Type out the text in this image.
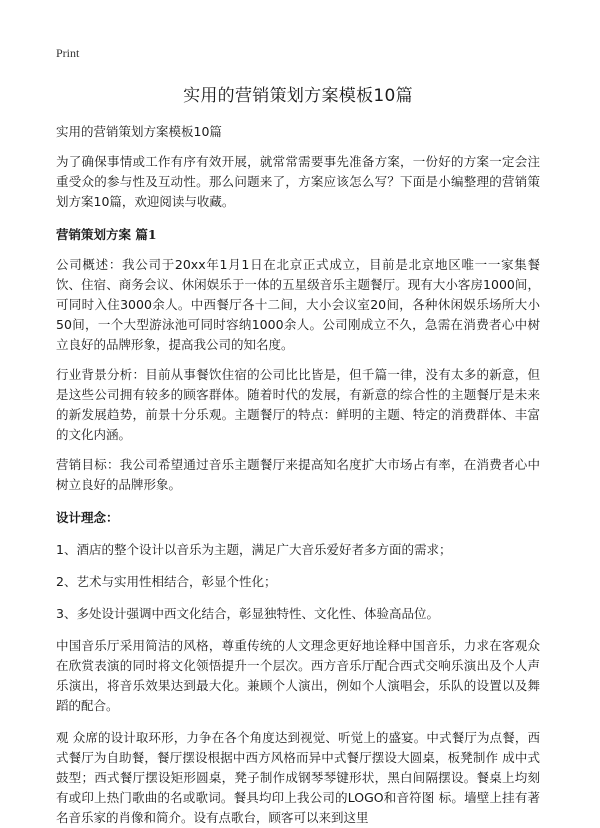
Print
实用的营销策划方案模板10篇
实用的营销策划方案模板10篇

为了确保事情或工作有序有效开展，就常常需要事先准备方案，一份好的方案一定会注重受众的参与性及互动性。那么问题来了，方案应该怎么写？下面是小编整理的营销策划方案10篇，欢迎阅读与收藏。

营销策划方案 篇1

公司概述：我公司于20xx年1月1日在北京正式成立，目前是北京地区唯一一家集餐饮、住宿、商务会议、休闲娱乐于一体的五星级音乐主题餐厅。现有大小客房1000间，可同时入住3000余人。中西餐厅各十二间，大小会议室20间，各种休闲娱乐场所大小50间，一个大型游泳池可同时容纳1000余人。公司刚成立不久，急需在消费者心中树立良好的品牌形象，提高我公司的知名度。

行业背景分析：目前从事餐饮住宿的公司比比皆是，但千篇一律，没有太多的新意，但是这些公司拥有较多的顾客群体。随着时代的发展，有新意的综合性的主题餐厅是未来的新发展趋势，前景十分乐观。主题餐厅的特点：鲜明的主题、特定的消费群体、丰富的文化内涵。

营销目标：我公司希望通过音乐主题餐厅来提高知名度扩大市场占有率，在消费者心中树立良好的品牌形象。

设计理念：

1、酒店的整个设计以音乐为主题，满足广大音乐爱好者多方面的需求；

2、艺术与实用性相结合，彰显个性化；

3、多处设计强调中西文化结合，彰显独特性、文化性、体验高品位。

中国音乐厅采用简洁的风格，尊重传统的人文理念更好地诠释中国音乐，力求在客观众在欣赏表演的同时将文化领悟提升一个层次。西方音乐厅配合西式交响乐演出及个人声乐演出，将音乐效果达到最大化。兼顾个人演出，例如个人演唱会，乐队的设置以及舞蹈的配合。

观 众席的设计取环形，力争在各个角度达到视觉、听觉上的盛宴。中式餐厅为点餐，西式餐厅为自助餐，餐厅摆设根据中西方风格而异中式餐厅摆设大圆桌，板凳制作 成中式鼓型；西式餐厅摆设矩形圆桌，凳子制作成钢琴琴键形状，黑白间隔摆设。餐桌上均刻有或印上热门歌曲的名或歌词。餐具均印上我公司的LOGO和音符图 标。墙壁上挂有著名音乐家的肖像和简介。设有点歌台，顾客可以来到这里
